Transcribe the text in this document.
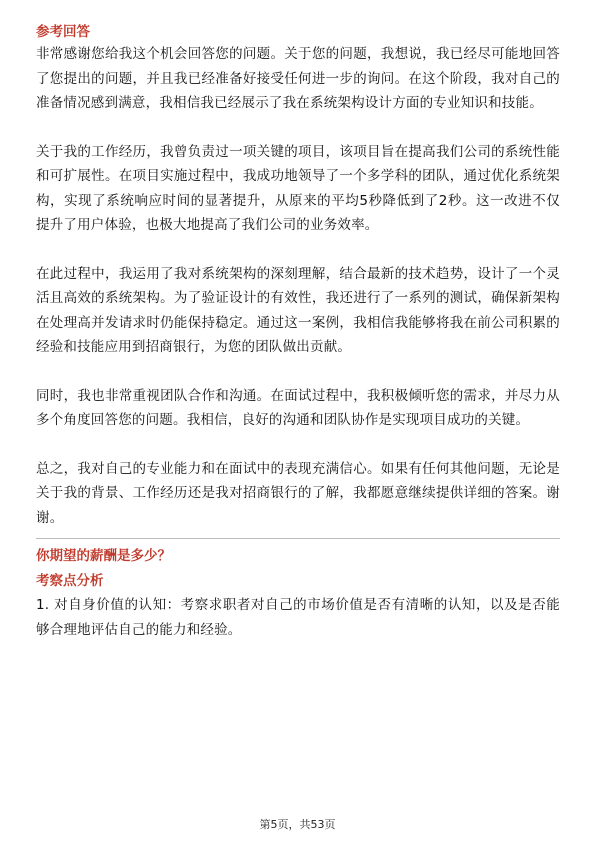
参考回答

非常感谢您给我这个机会回答您的问题。关于您的问题，我想说，我已经尽可能地回答了您提出的问题，并且我已经准备好接受任何进一步的询问。在这个阶段，我对自己的准备情况感到满意，我相信我已经展示了我在系统架构设计方面的专业知识和技能。

关于我的工作经历，我曾负责过一项关键的项目，该项目旨在提高我们公司的系统性能和可扩展性。在项目实施过程中，我成功地领导了一个多学科的团队，通过优化系统架构，实现了系统响应时间的显著提升，从原来的平均5秒降低到了2秒。这一改进不仅提升了用户体验，也极大地提高了我们公司的业务效率。

在此过程中，我运用了我对系统架构的深刻理解，结合最新的技术趋势，设计了一个灵活且高效的系统架构。为了验证设计的有效性，我还进行了一系列的测试，确保新架构在处理高并发请求时仍能保持稳定。通过这一案例，我相信我能够将我在前公司积累的经验和技能应用到招商银行，为您的团队做出贡献。

同时，我也非常重视团队合作和沟通。在面试过程中，我积极倾听您的需求，并尽力从多个角度回答您的问题。我相信，良好的沟通和团队协作是实现项目成功的关键。

总之，我对自己的专业能力和在面试中的表现充满信心。如果有任何其他问题，无论是关于我的背景、工作经历还是我对招商银行的了解，我都愿意继续提供详细的答案。谢谢。

你期望的薪酬是多少？

考察点分析

1. 对自身价值的认知：考察求职者对自己的市场价值是否有清晰的认知，以及是否能够合理地评估自己的能力和经验。

第5页，共53页
